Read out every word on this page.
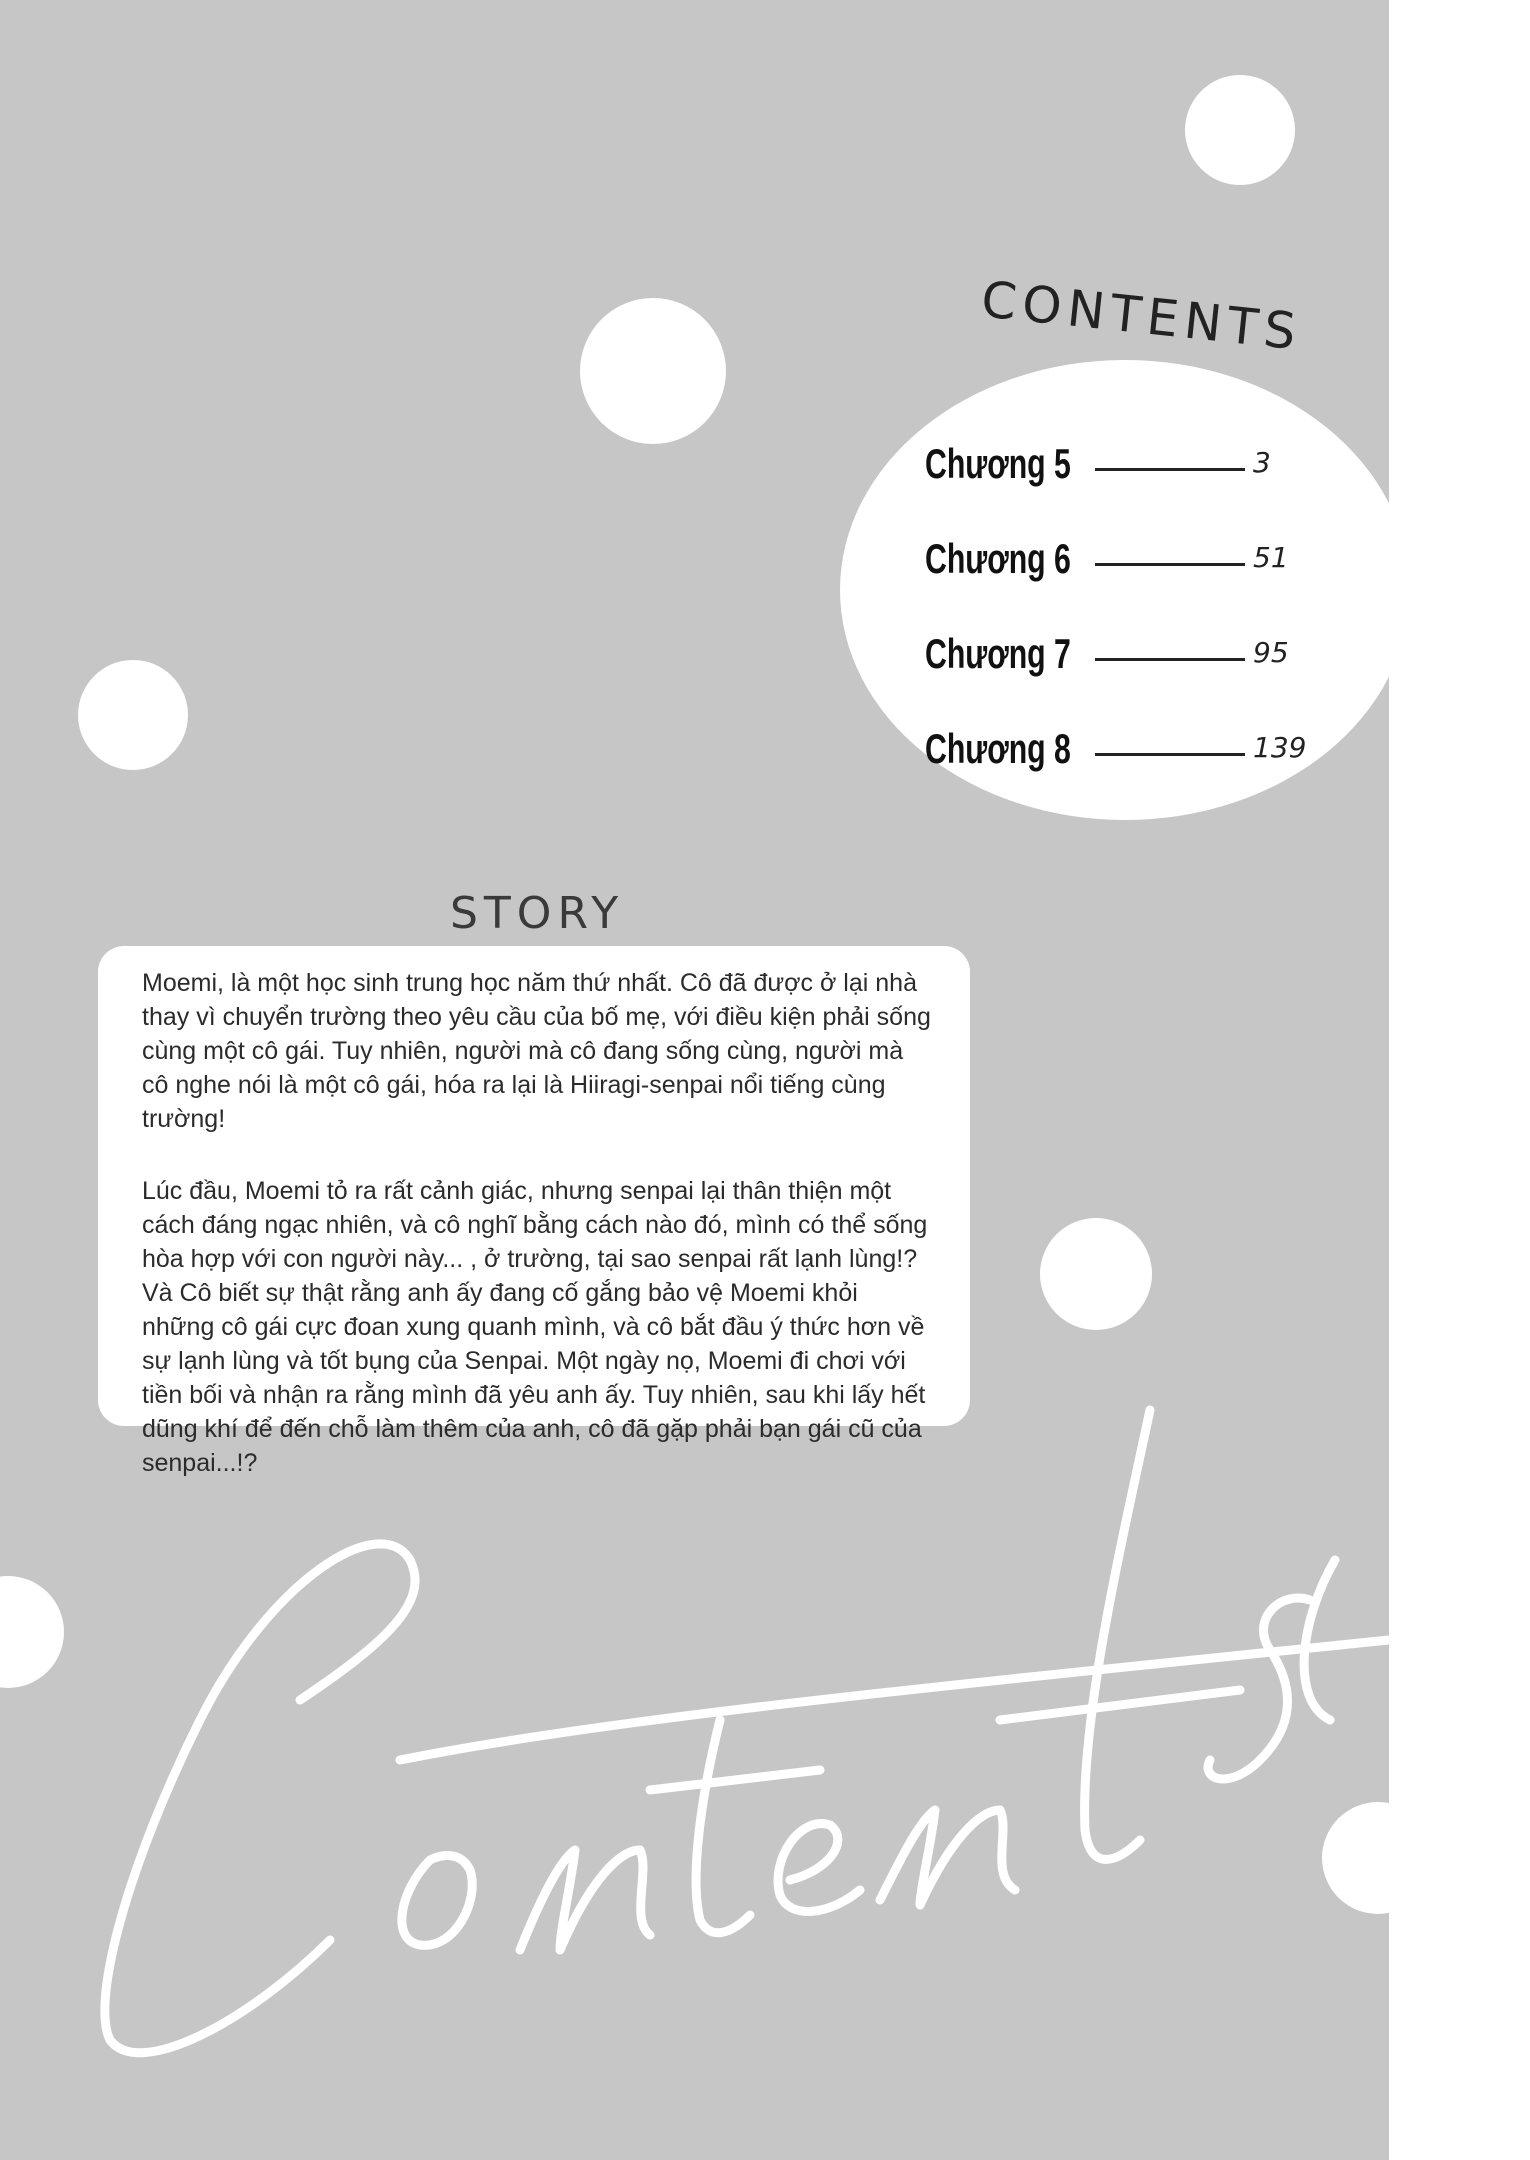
CONTENTS
Chương 5	3
Chương 6	51
Chương 7	95
Chương 8	139
STORY

Moemi, là một học sinh trung học năm thứ nhất. Cô đã được ở lại nhà thay vì chuyển trường theo yêu cầu của bố mẹ, với điều kiện phải sống cùng một cô gái. Tuy nhiên, người mà cô đang sống cùng, người mà cô nghe nói là một cô gái, hóa ra lại là Hiiragi-senpai nổi tiếng cùng trường!

Lúc đầu, Moemi tỏ ra rất cảnh giác, nhưng senpai lại thân thiện một cách đáng ngạc nhiên, và cô nghĩ bằng cách nào đó, mình có thể sống hòa hợp với con người này... , ở trường, tại sao senpai rất lạnh lùng!? Và Cô biết sự thật rằng anh ấy đang cố gắng bảo vệ Moemi khỏi những cô gái cực đoan xung quanh mình, và cô bắt đầu ý thức hơn về sự lạnh lùng và tốt bụng của Senpai. Một ngày nọ, Moemi đi chơi với tiền bối và nhận ra rằng mình đã yêu anh ấy. Tuy nhiên, sau khi lấy hết dũng khí để đến chỗ làm thêm của anh, cô đã gặp phải bạn gái cũ của senpai...!?
